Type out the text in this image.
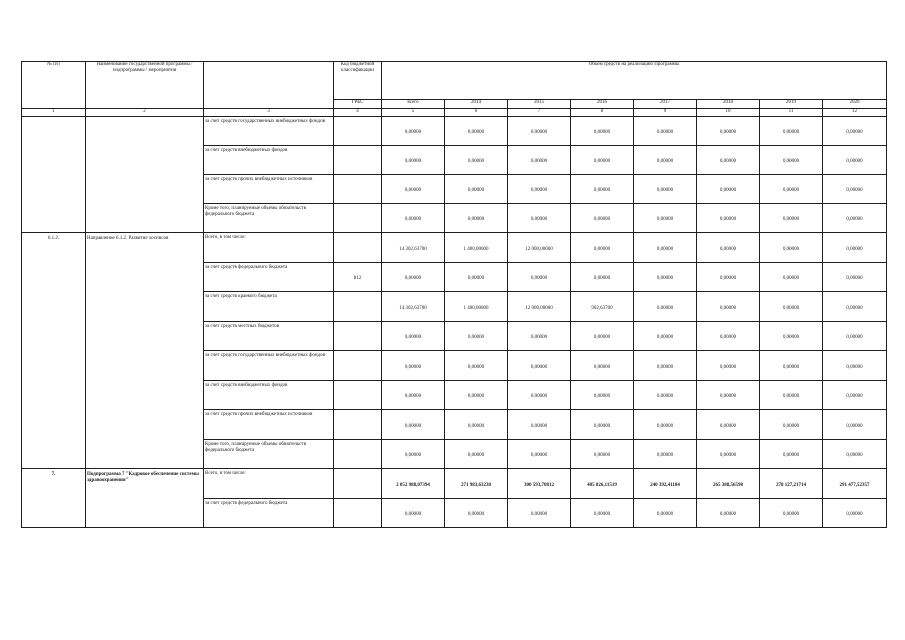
№ п/п	Наименование государственной программы / подпрограммы / мероприятия		Код бюджетной классификации	Объем средств на реализацию Программы							
			ГРБС	всего	2014	2015	2016	2017	2018	2019	2020
1	2	3	4	5	6	7	8	9	10	11	12
		за счет средств государственных внебюджетных фондов		0,00000	0,00000	0,00000	0,00000	0,00000	0,00000	0,00000	0,00000
		за счет средств внебюджетных фондов		0,00000	0,00000	0,00000	0,00000	0,00000	0,00000	0,00000	0,00000
		за счет средств прочих внебюджетных источников		0,00000	0,00000	0,00000	0,00000	0,00000	0,00000	0,00000	0,00000
		Кроме того, планируемые объемы обязательств федерального бюджета		0,00000	0,00000	0,00000	0,00000	0,00000	0,00000	0,00000	0,00000
6.1.2.	Направление 6.1.2. Развитие хосписов	Всего, в том числе:		14 302,63700	1 400,00000	12 000,00000	0,00000	0,00000	0,00000	0,00000	0,00000
		за счет средств федерального бюджета	812	0,00000	0,00000	0,00000	0,00000	0,00000	0,00000	0,00000	0,00000
		за счет средств краевого бюджета		14 302,63700	1 400,00000	12 000,00000	902,63700	0,00000	0,00000	0,00000	0,00000
		за счет средств местных бюджетов		0,00000	0,00000	0,00000	0,00000	0,00000	0,00000	0,00000	0,00000
		за счет средств государственных внебюджетных фондов		0,00000	0,00000	0,00000	0,00000	0,00000	0,00000	0,00000	0,00000
		за счет средств внебюджетных фондов		0,00000	0,00000	0,00000	0,00000	0,00000	0,00000	0,00000	0,00000
		за счет средств прочих внебюджетных источников		0,00000	0,00000	0,00000	0,00000	0,00000	0,00000	0,00000	0,00000
		Кроме того, планируемые объемы обязательств федерального бюджета		0,00000	0,00000	0,00000	0,00000	0,00000	0,00000	0,00000	0,00000
7.	Подпрограмма 7 "Кадровое обеспечение системы здравоохранения"	Всего, в том числе:		2 052 988,07394	271 983,63230	300 593,70812	405 026,11519	240 392,41184	265 388,56598	278 127,21714	291 477,52357
		за счет средств федерального бюджета		0,00000	0,00000	0,00000	0,00000	0,00000	0,00000	0,00000	0,00000
